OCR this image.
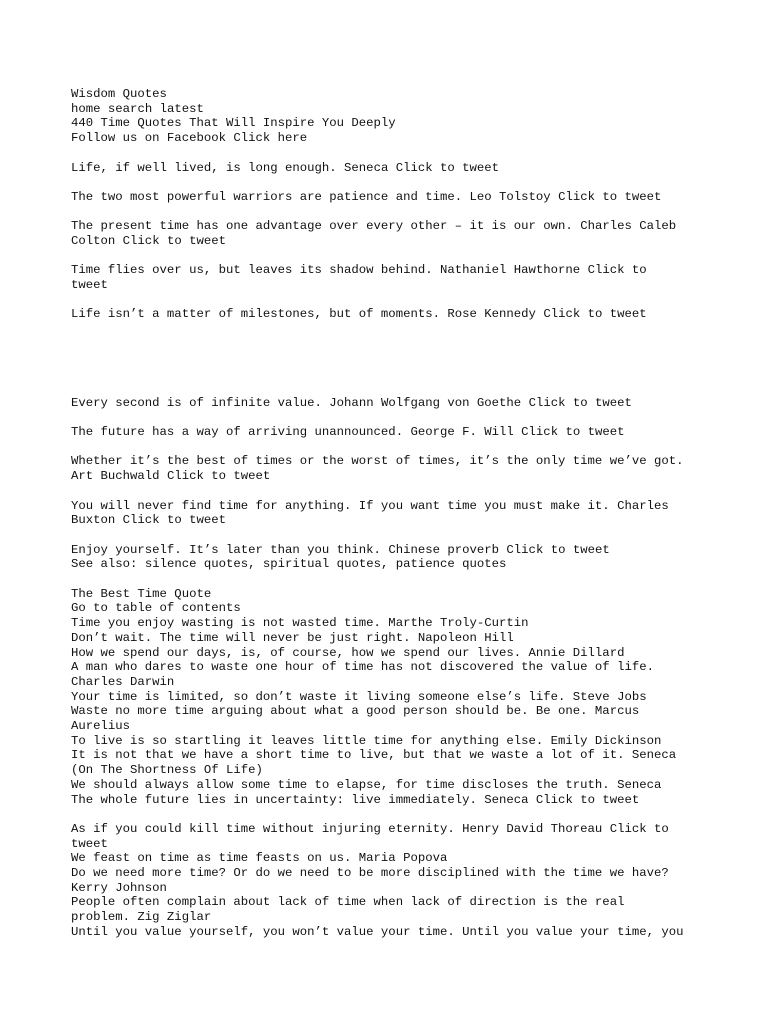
Wisdom Quotes
home search latest
440 Time Quotes That Will Inspire You Deeply
Follow us on Facebook Click here
Life, if well lived, is long enough. Seneca Click to tweet
The two most powerful warriors are patience and time. Leo Tolstoy Click to tweet
The present time has one advantage over every other – it is our own. Charles Caleb
Colton Click to tweet
Time flies over us, but leaves its shadow behind. Nathaniel Hawthorne Click to
tweet
Life isn’t a matter of milestones, but of moments. Rose Kennedy Click to tweet
Every second is of infinite value. Johann Wolfgang von Goethe Click to tweet
The future has a way of arriving unannounced. George F. Will Click to tweet
Whether it’s the best of times or the worst of times, it’s the only time we’ve got.
Art Buchwald Click to tweet
You will never find time for anything. If you want time you must make it. Charles
Buxton Click to tweet
Enjoy yourself. It’s later than you think. Chinese proverb Click to tweet
See also: silence quotes, spiritual quotes, patience quotes
The Best Time Quote
Go to table of contents
Time you enjoy wasting is not wasted time. Marthe Troly-Curtin
Don’t wait. The time will never be just right. Napoleon Hill
How we spend our days, is, of course, how we spend our lives. Annie Dillard
A man who dares to waste one hour of time has not discovered the value of life.
Charles Darwin
Your time is limited, so don’t waste it living someone else’s life. Steve Jobs
Waste no more time arguing about what a good person should be. Be one. Marcus
Aurelius
To live is so startling it leaves little time for anything else. Emily Dickinson
It is not that we have a short time to live, but that we waste a lot of it. Seneca
(On The Shortness Of Life)
We should always allow some time to elapse, for time discloses the truth. Seneca
The whole future lies in uncertainty: live immediately. Seneca Click to tweet
As if you could kill time without injuring eternity. Henry David Thoreau Click to
tweet
We feast on time as time feasts on us. Maria Popova
Do we need more time? Or do we need to be more disciplined with the time we have?
Kerry Johnson
People often complain about lack of time when lack of direction is the real
problem. Zig Ziglar
Until you value yourself, you won’t value your time. Until you value your time, you
